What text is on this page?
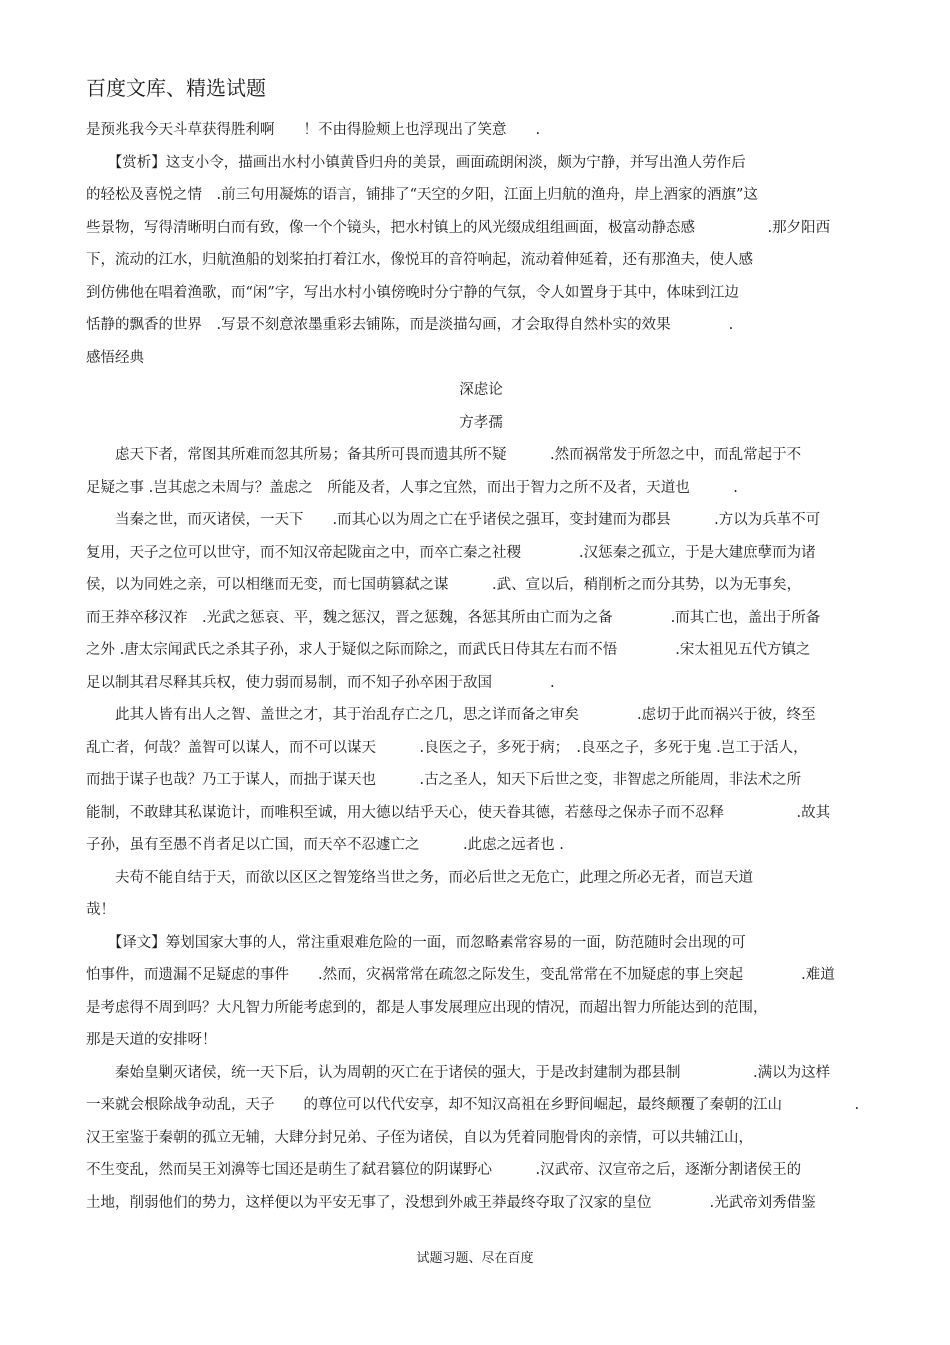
百度文库、精选试题
是预兆我今天斗草获得胜利啊　　！不由得脸颊上也浮现出了笑意　　.
　　【赏析】这支小令，描画出水村小镇黄昏归舟的美景，画面疏朗闲淡，颇为宁静，并写出渔人劳作后
的轻松及喜悦之情　.前三句用凝炼的语言，铺排了“天空的夕阳，江面上归航的渔舟，岸上酒家的酒旗”这
些景物，写得清晰明白而有致，像一个个镜头，把水村镇上的风光缀成组组画面，极富动静态感　　　　　.那夕阳西
下，流动的江水，归航渔船的划桨拍打着江水，像悦耳的音符响起，流动着伸延着，还有那渔夫，使人感
到仿佛他在唱着渔歌，而“闲”字，写出水村小镇傍晚时分宁静的气氛，令人如置身于其中，体味到江边
恬静的飘香的世界　.写景不刻意浓墨重彩去铺陈，而是淡描勾画，才会取得自然朴实的效果　　　　.
感悟经典
深虑论
方孝孺
　　虑天下者，常图其所难而忽其所易；备其所可畏而遗其所不疑　　　.然而祸常发于所忽之中，而乱常起于不
足疑之事 .岂其虑之未周与？盖虑之　所能及者，人事之宜然，而出于智力之所不及者，天道也　　　.
　　当秦之世，而灭诸侯，一天下　　.而其心以为周之亡在乎诸侯之强耳，变封建而为郡县　　　.方以为兵革不可
复用，天子之位可以世守，而不知汉帝起陇亩之中，而卒亡秦之社稷　　　　.汉惩秦之孤立，于是大建庶孽而为诸
侯，以为同姓之亲，可以相继而无变，而七国萌篡弑之谋　　　.武、宣以后，稍削析之而分其势，以为无事矣，
而王莽卒移汉祚　.光武之惩哀、平，魏之惩汉，晋之惩魏，各惩其所由亡而为之备　　　　.而其亡也，盖出于所备
之外 .唐太宗闻武氏之杀其子孙，求人于疑似之际而除之，而武氏日侍其左右而不悟　　　　.宋太祖见五代方镇之
足以制其君尽释其兵权，使力弱而易制，而不知子孙卒困于敌国　　　　.
　　此其人皆有出人之智、盖世之才，其于治乱存亡之几，思之详而备之审矣　　　　.虑切于此而祸兴于彼，终至
乱亡者，何哉？盖智可以谋人，而不可以谋天　　　.良医之子，多死于病；　.良巫之子，多死于鬼 .岂工于活人，
而拙于谋子也哉？乃工于谋人，而拙于谋天也　　　.古之圣人，知天下后世之变，非智虑之所能周，非法术之所
能制，不敢肆其私谋诡计，而唯积至诚，用大德以结乎天心，使天眷其德，若慈母之保赤子而不忍释　　　　　.故其
子孙，虽有至愚不肖者足以亡国，而天卒不忍遽亡之　　　.此虑之远者也 .
　　夫苟不能自结于天，而欲以区区之智笼络当世之务，而必后世之无危亡，此理之所必无者，而岂天道
哉！
　　【译文】筹划国家大事的人，常注重艰难危险的一面，而忽略素常容易的一面，防范随时会出现的可
怕事件，而遗漏不足疑虑的事件　　.然而，灾祸常常在疏忽之际发生，变乱常常在不加疑虑的事上突起　　　　.难道
是考虑得不周到吗？大凡智力所能考虑到的，都是人事发展理应出现的情况，而超出智力所能达到的范围，
那是天道的安排呀！
　　秦始皇剿灭诸侯，统一天下后，认为周朝的灭亡在于诸侯的强大，于是改封建制为郡县制　　　　　.满以为这样
一来就会根除战争动乱，天子　　的尊位可以代代安享，却不知汉高祖在乡野间崛起，最终颠覆了秦朝的江山　　　　　.
汉王室鉴于秦朝的孤立无辅，大肆分封兄弟、子侄为诸侯，自以为凭着同胞骨肉的亲情，可以共辅江山，
不生变乱，然而吴王刘濞等七国还是萌生了弑君篡位的阴谋野心　　　.汉武帝、汉宣帝之后，逐渐分割诸侯王的
土地，削弱他们的势力，这样便以为平安无事了，没想到外戚王莽最终夺取了汉家的皇位　　　　.光武帝刘秀借鉴
试题习题、尽在百度
